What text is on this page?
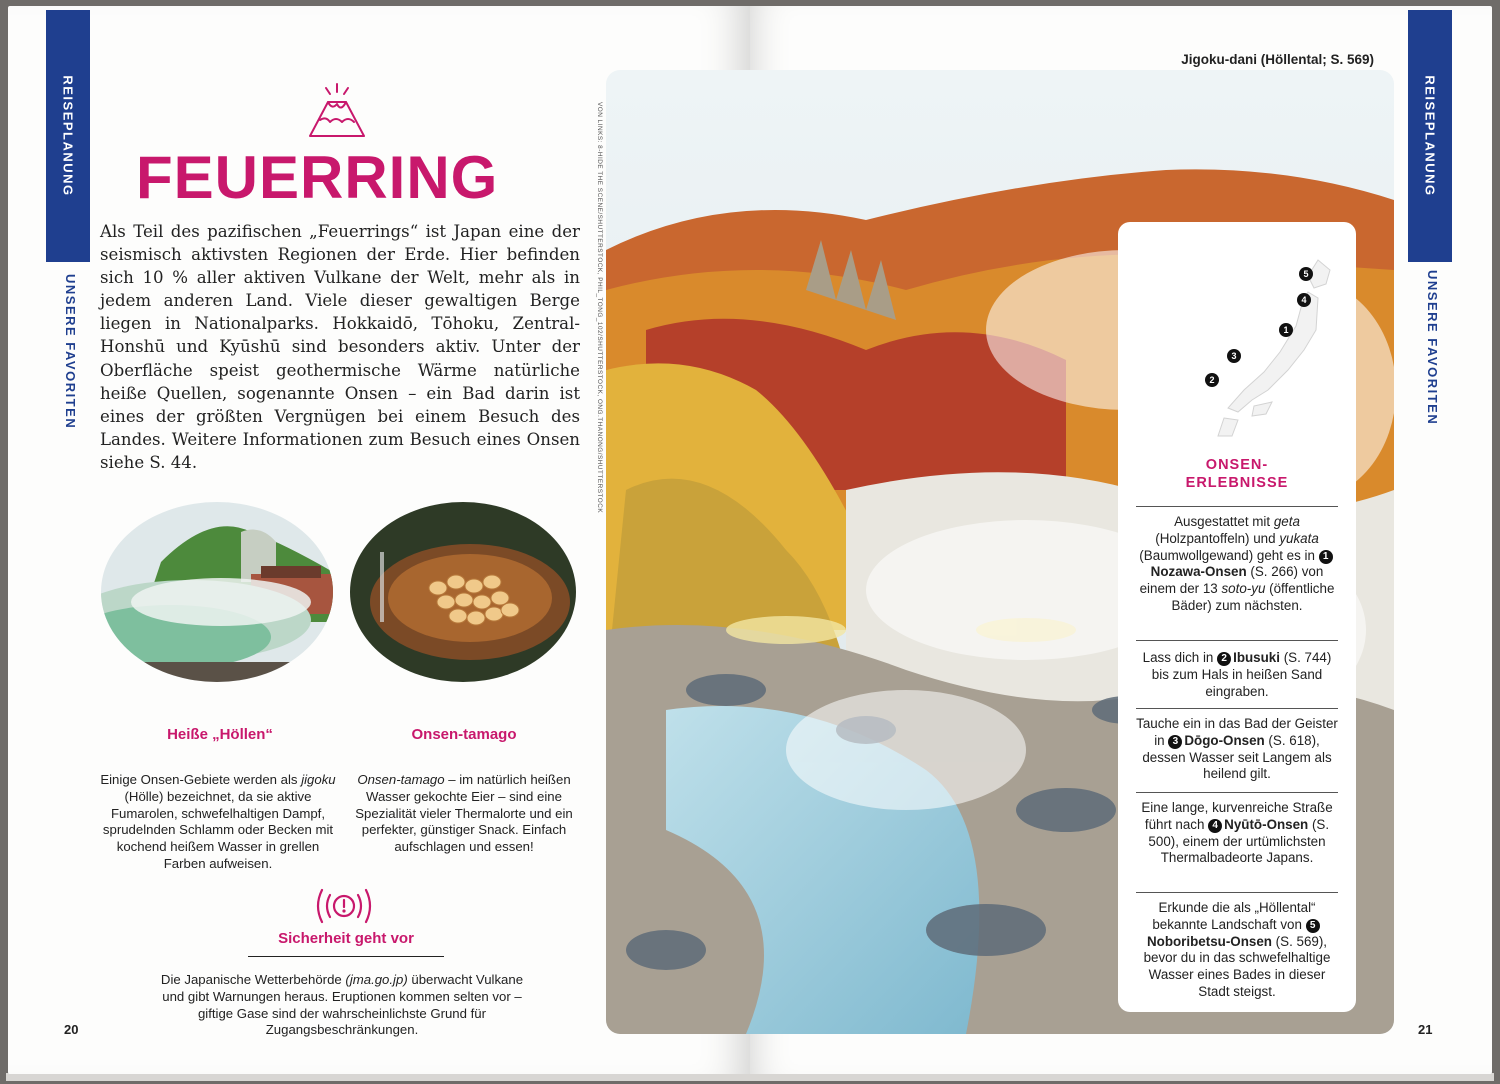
REISEPLANUNG
UNSERE FAVORITEN
FEUERRING

Als Teil des pazifischen „Feuerrings“ ist Japan eine der seismisch aktivsten Regionen der Erde. Hier befinden sich 10 % aller aktiven Vulkane der Welt, mehr als in jedem anderen Land. Viele dieser gewaltigen Berge liegen in Nationalparks. Hokkaidō, Tōhoku, Zentral-Honshū und Kyūshū sind besonders aktiv. Unter der Oberfläche speist geothermische Wärme natürliche heiße Quellen, sogenannte Onsen – ein Bad darin ist eines der größten Vergnügen bei einem Besuch des Landes. Weitere Informationen zum Besuch eines Onsen siehe S. 44.

Heiße „Höllen“

Einige Onsen-Gebiete werden als jigoku (Hölle) bezeichnet, da sie aktive Fumarolen, schwefelhaltigen Dampf, sprudelnden Schlamm oder Becken mit kochend heißem Wasser in grellen Farben aufweisen.

Onsen-tamago

Onsen-tamago – im natürlich heißen Wasser gekochte Eier – sind eine Spezialität vieler Thermalorte und ein perfekter, günstiger Snack. Einfach aufschlagen und essen!

Sicherheit geht vor

Die Japanische Wetterbehörde (jma.go.jp) überwacht Vulkane und gibt Warnungen heraus. Eruptionen kommen selten vor – giftige Gase sind der wahrscheinlichste Grund für Zugangsbeschränkungen.

20
VON LINKS: 8-HIDE THE SCENE/SHUTTERSTOCK, PHIL_TONG_102/SHUTTERSTOCK, ONG.THANONG/SHUTTERSTOCK
Jigoku-dani (Höllental; S. 569)
REISEPLANUNG
UNSERE FAVORITEN
21
5
4
1
3
2
ONSEN-
ERLEBNISSE
Ausgestattet mit geta (Holzpantoffeln) und yukata (Baumwollgewand) geht es in 1Nozawa-Onsen (S. 266) von einem der 13 soto-yu (öffentliche Bäder) zum nächsten.
Lass dich in 2 Ibusuki (S. 744) bis zum Hals in heißen Sand eingraben.
Tauche ein in das Bad der Geister in 3 Dōgo-Onsen (S. 618), dessen Wasser seit Langem als heilend gilt.
Eine lange, kurvenreiche Straße führt nach 4 Nyūtō-Onsen (S. 500), einem der urtümlichsten Thermalbadeorte Japans.
Erkunde die als „Höllental“ bekannte Landschaft von 5Noboribetsu-Onsen (S. 569), bevor du in das schwefelhaltige Wasser eines Bades in dieser Stadt steigst.
